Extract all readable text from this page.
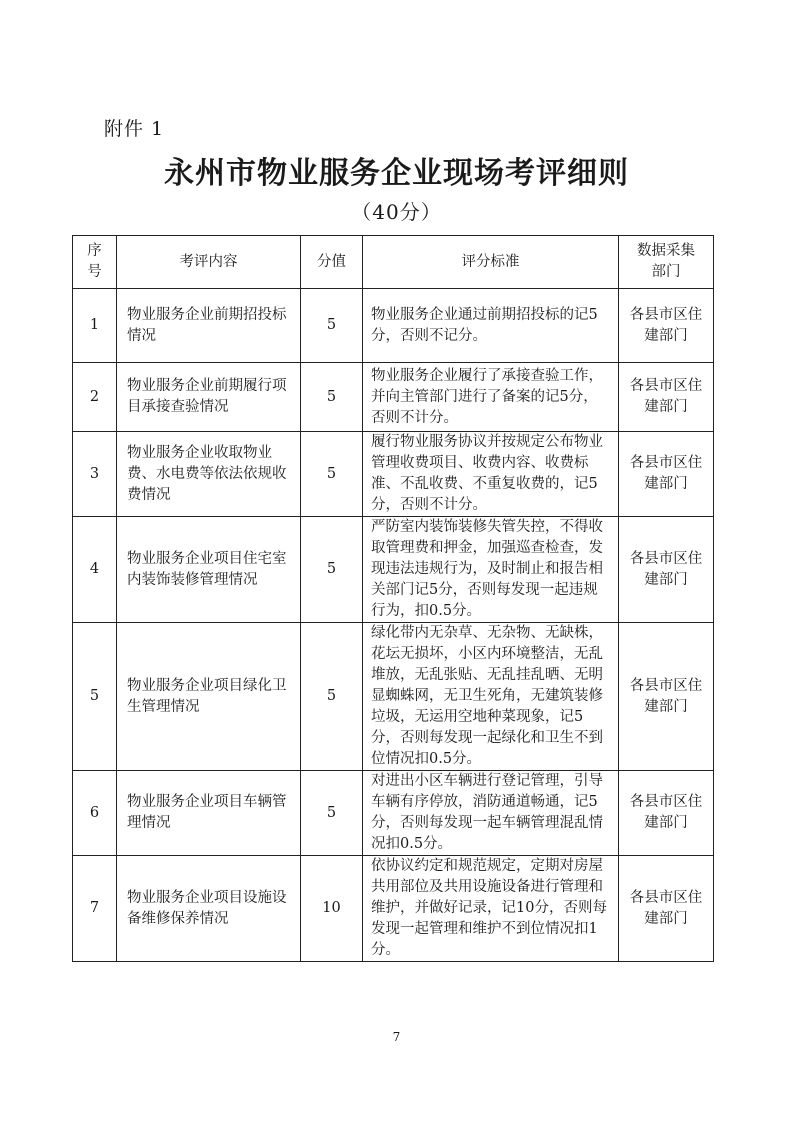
附件 1
永州市物业服务企业现场考评细则
（40分）
序号	考评内容	分值	评分标准	数据采集部门
1	物业服务企业前期招投标情况	5	物业服务企业通过前期招投标的记5分，否则不记分。	各县市区住建部门
2	物业服务企业前期履行项目承接查验情况	5	物业服务企业履行了承接查验工作，并向主管部门进行了备案的记5分，否则不计分。	各县市区住建部门
3	物业服务企业收取物业费、水电费等依法依规收费情况	5	履行物业服务协议并按规定公布物业管理收费项目、收费内容、收费标准、不乱收费、不重复收费的，记5分，否则不计分。	各县市区住建部门
4	物业服务企业项目住宅室内装饰装修管理情况	5	严防室内装饰装修失管失控，不得收取管理费和押金，加强巡查检查，发现违法违规行为，及时制止和报告相关部门记5分，否则每发现一起违规行为，扣0.5分。	各县市区住建部门
5	物业服务企业项目绿化卫生管理情况	5	绿化带内无杂草、无杂物、无缺株，花坛无损坏，小区内环境整洁，无乱堆放，无乱张贴、无乱挂乱晒、无明显蜘蛛网，无卫生死角，无建筑装修垃圾，无运用空地种菜现象，记5分，否则每发现一起绿化和卫生不到位情况扣0.5分。	各县市区住建部门
6	物业服务企业项目车辆管理情况	5	对进出小区车辆进行登记管理，引导车辆有序停放，消防通道畅通，记5分，否则每发现一起车辆管理混乱情况扣0.5分。	各县市区住建部门
7	物业服务企业项目设施设备维修保养情况	10	依协议约定和规范规定，定期对房屋共用部位及共用设施设备进行管理和维护，并做好记录，记10分，否则每发现一起管理和维护不到位情况扣1分。	各县市区住建部门
7
